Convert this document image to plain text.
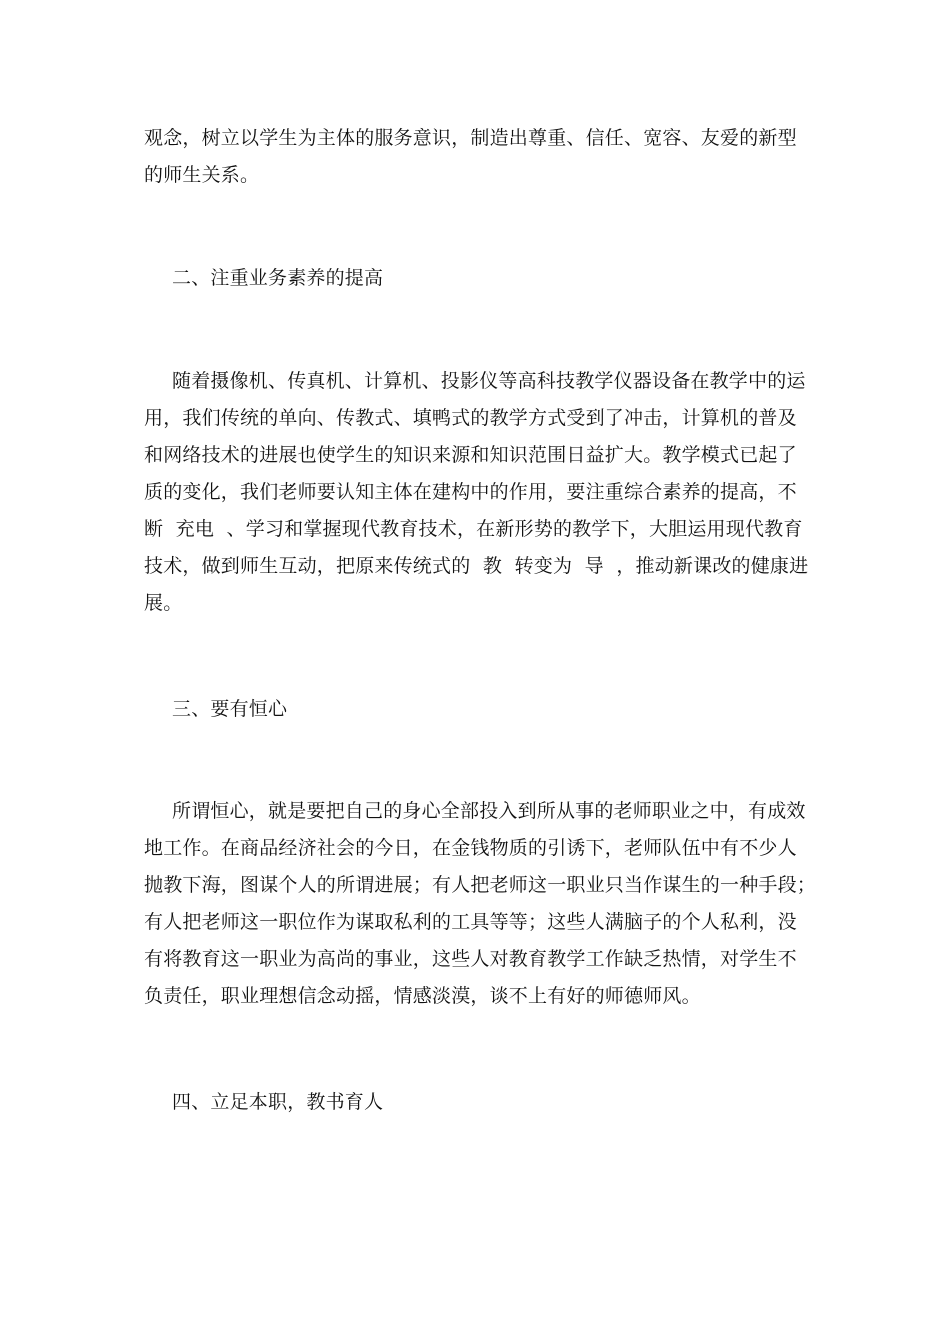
观念，树立以学生为主体的服务意识，制造出尊重、信任、宽容、友爱的新型
的师生关系。
二、注重业务素养的提高
随着摄像机、传真机、计算机、投影仪等高科技教学仪器设备在教学中的运
用，我们传统的单向、传教式、填鸭式的教学方式受到了冲击，计算机的普及
和网络技术的进展也使学生的知识来源和知识范围日益扩大。教学模式已起了
质的变化，我们老师要认知主体在建构中的作用，要注重综合素养的提高，不
断  充电  、学习和掌握现代教育技术，在新形势的教学下，大胆运用现代教育
技术，做到师生互动，把原来传统式的  教  转变为  导  ，推动新课改的健康进
展。
三、要有恒心
所谓恒心，就是要把自己的身心全部投入到所从事的老师职业之中，有成效
地工作。在商品经济社会的今日，在金钱物质的引诱下，老师队伍中有不少人
抛教下海，图谋个人的所谓进展；有人把老师这一职业只当作谋生的一种手段；
有人把老师这一职位作为谋取私利的工具等等；这些人满脑子的个人私利，没
有将教育这一职业为高尚的事业，这些人对教育教学工作缺乏热情，对学生不
负责任，职业理想信念动摇，情感淡漠，谈不上有好的师德师风。
四、立足本职，教书育人
